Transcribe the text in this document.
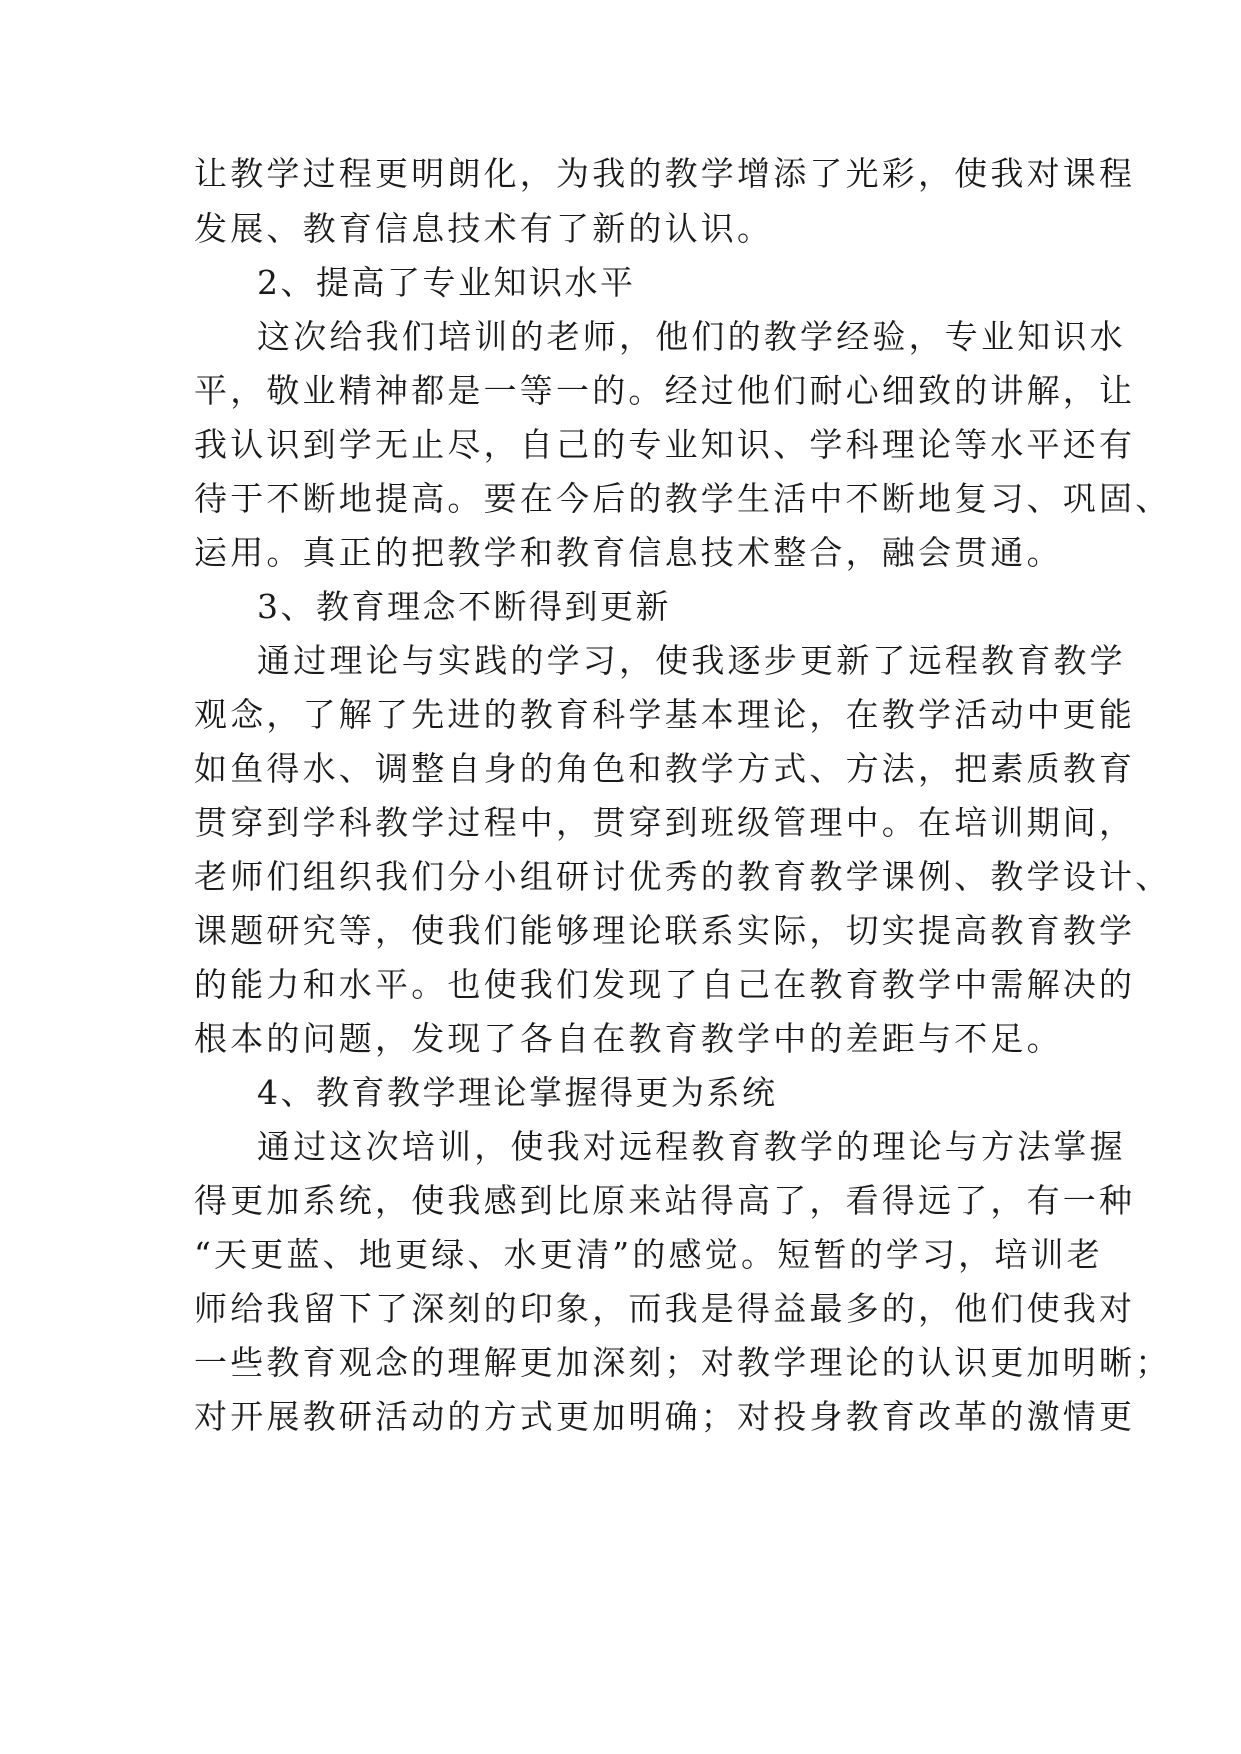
让教学过程更明朗化，为我的教学增添了光彩，使我对课程
发展、教育信息技术有了新的认识。
2、提高了专业知识水平
这次给我们培训的老师，他们的教学经验，专业知识水
平，敬业精神都是一等一的。经过他们耐心细致的讲解，让
我认识到学无止尽，自己的专业知识、学科理论等水平还有
待于不断地提高。要在今后的教学生活中不断地复习、巩固、
运用。真正的把教学和教育信息技术整合，融会贯通。
3、教育理念不断得到更新
通过理论与实践的学习，使我逐步更新了远程教育教学
观念，了解了先进的教育科学基本理论，在教学活动中更能
如鱼得水、调整自身的角色和教学方式、方法，把素质教育
贯穿到学科教学过程中，贯穿到班级管理中。在培训期间，
老师们组织我们分小组研讨优秀的教育教学课例、教学设计、
课题研究等，使我们能够理论联系实际，切实提高教育教学
的能力和水平。也使我们发现了自己在教育教学中需解决的
根本的问题，发现了各自在教育教学中的差距与不足。
4、教育教学理论掌握得更为系统
通过这次培训，使我对远程教育教学的理论与方法掌握
得更加系统，使我感到比原来站得高了，看得远了，有一种
“天更蓝、地更绿、水更清”的感觉。短暂的学习，培训老
师给我留下了深刻的印象，而我是得益最多的，他们使我对
一些教育观念的理解更加深刻；对教学理论的认识更加明晰；
对开展教研活动的方式更加明确；对投身教育改革的激情更
